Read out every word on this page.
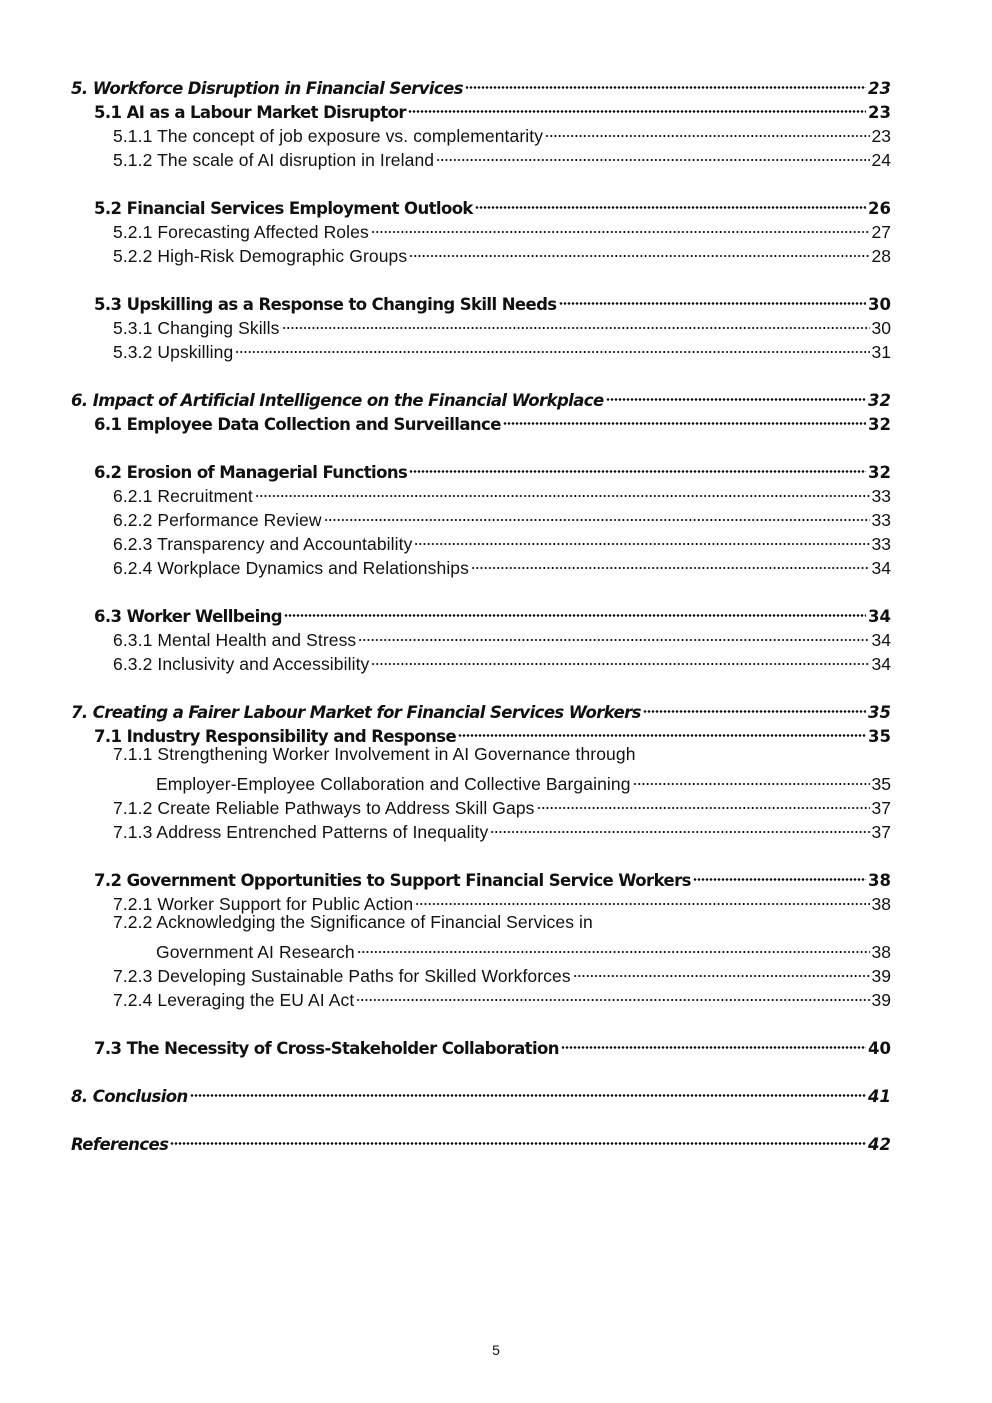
5. Workforce Disruption in Financial Services	23
5.1 AI as a Labour Market Disruptor	23
5.1.1 The concept of job exposure vs. complementarity	23
5.1.2 The scale of AI disruption in Ireland	24
5.2 Financial Services Employment Outlook	26
5.2.1 Forecasting Affected Roles	27
5.2.2 High-Risk Demographic Groups	28
5.3 Upskilling as a Response to Changing Skill Needs	30
5.3.1 Changing Skills	30
5.3.2 Upskilling	31
6. Impact of Artificial Intelligence on the Financial Workplace	32
6.1 Employee Data Collection and Surveillance	32
6.2 Erosion of Managerial Functions	32
6.2.1 Recruitment	33
6.2.2 Performance Review	33
6.2.3 Transparency and Accountability	33
6.2.4 Workplace Dynamics and Relationships	34
6.3 Worker Wellbeing	34
6.3.1 Mental Health and Stress	34
6.3.2 Inclusivity and Accessibility	34
7. Creating a Fairer Labour Market for Financial Services Workers	35
7.1 Industry Responsibility and Response	35
7.1.1 Strengthening Worker Involvement in AI Governance through
Employer-Employee Collaboration and Collective Bargaining	35
7.1.2 Create Reliable Pathways to Address Skill Gaps	37
7.1.3 Address Entrenched Patterns of Inequality	37
7.2 Government Opportunities to Support Financial Service Workers	38
7.2.1 Worker Support for Public Action	38
7.2.2 Acknowledging the Significance of Financial Services in
Government AI Research	38
7.2.3 Developing Sustainable Paths for Skilled Workforces	39
7.2.4 Leveraging the EU AI Act	39
7.3 The Necessity of Cross-Stakeholder Collaboration	40
8. Conclusion	41
References	42
5
